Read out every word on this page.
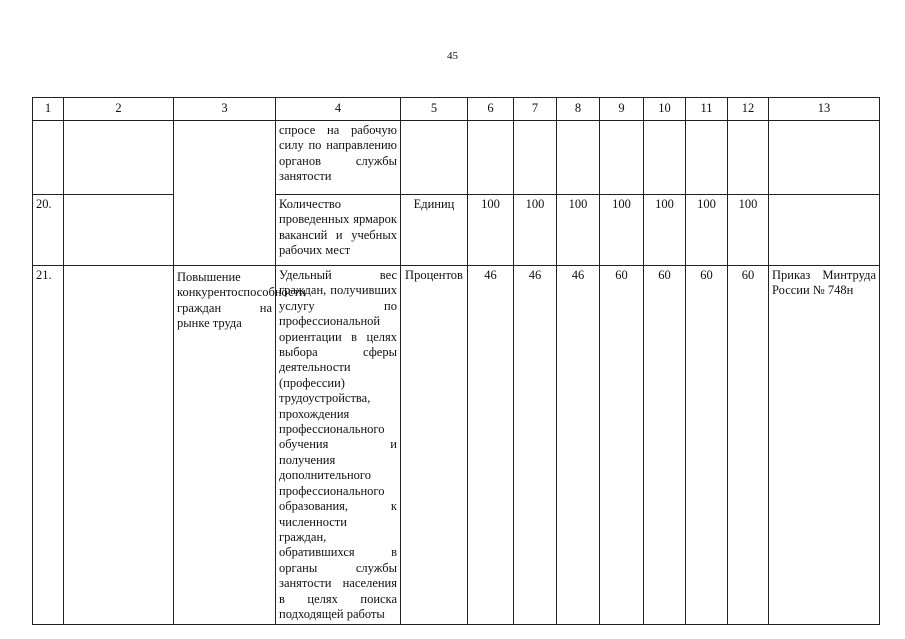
45
1	2	3	4	5	6	7	8	9	10	11	12	13
			спросе на рабочую силу по направлению органов службы занятости									
20.			Количество проведенных ярмарок вакансий и учебных рабочих мест	Единиц	100	100	100	100	100	100	100	
21.		Повышение конкурентоспособности граждан на рынке труда	Удельный вес граждан, получивших услугу по профессиональной ориентации в целях выбора сферы деятельности (профессии) трудоустройства, прохождения профессионального обучения и получения дополнительного профессионального образования, к численности граждан, обратившихся в органы службы занятости населения в целях поиска подходящей работы	Процентов	46	46	46	60	60	60	60	Приказ Минтруда России № 748н
